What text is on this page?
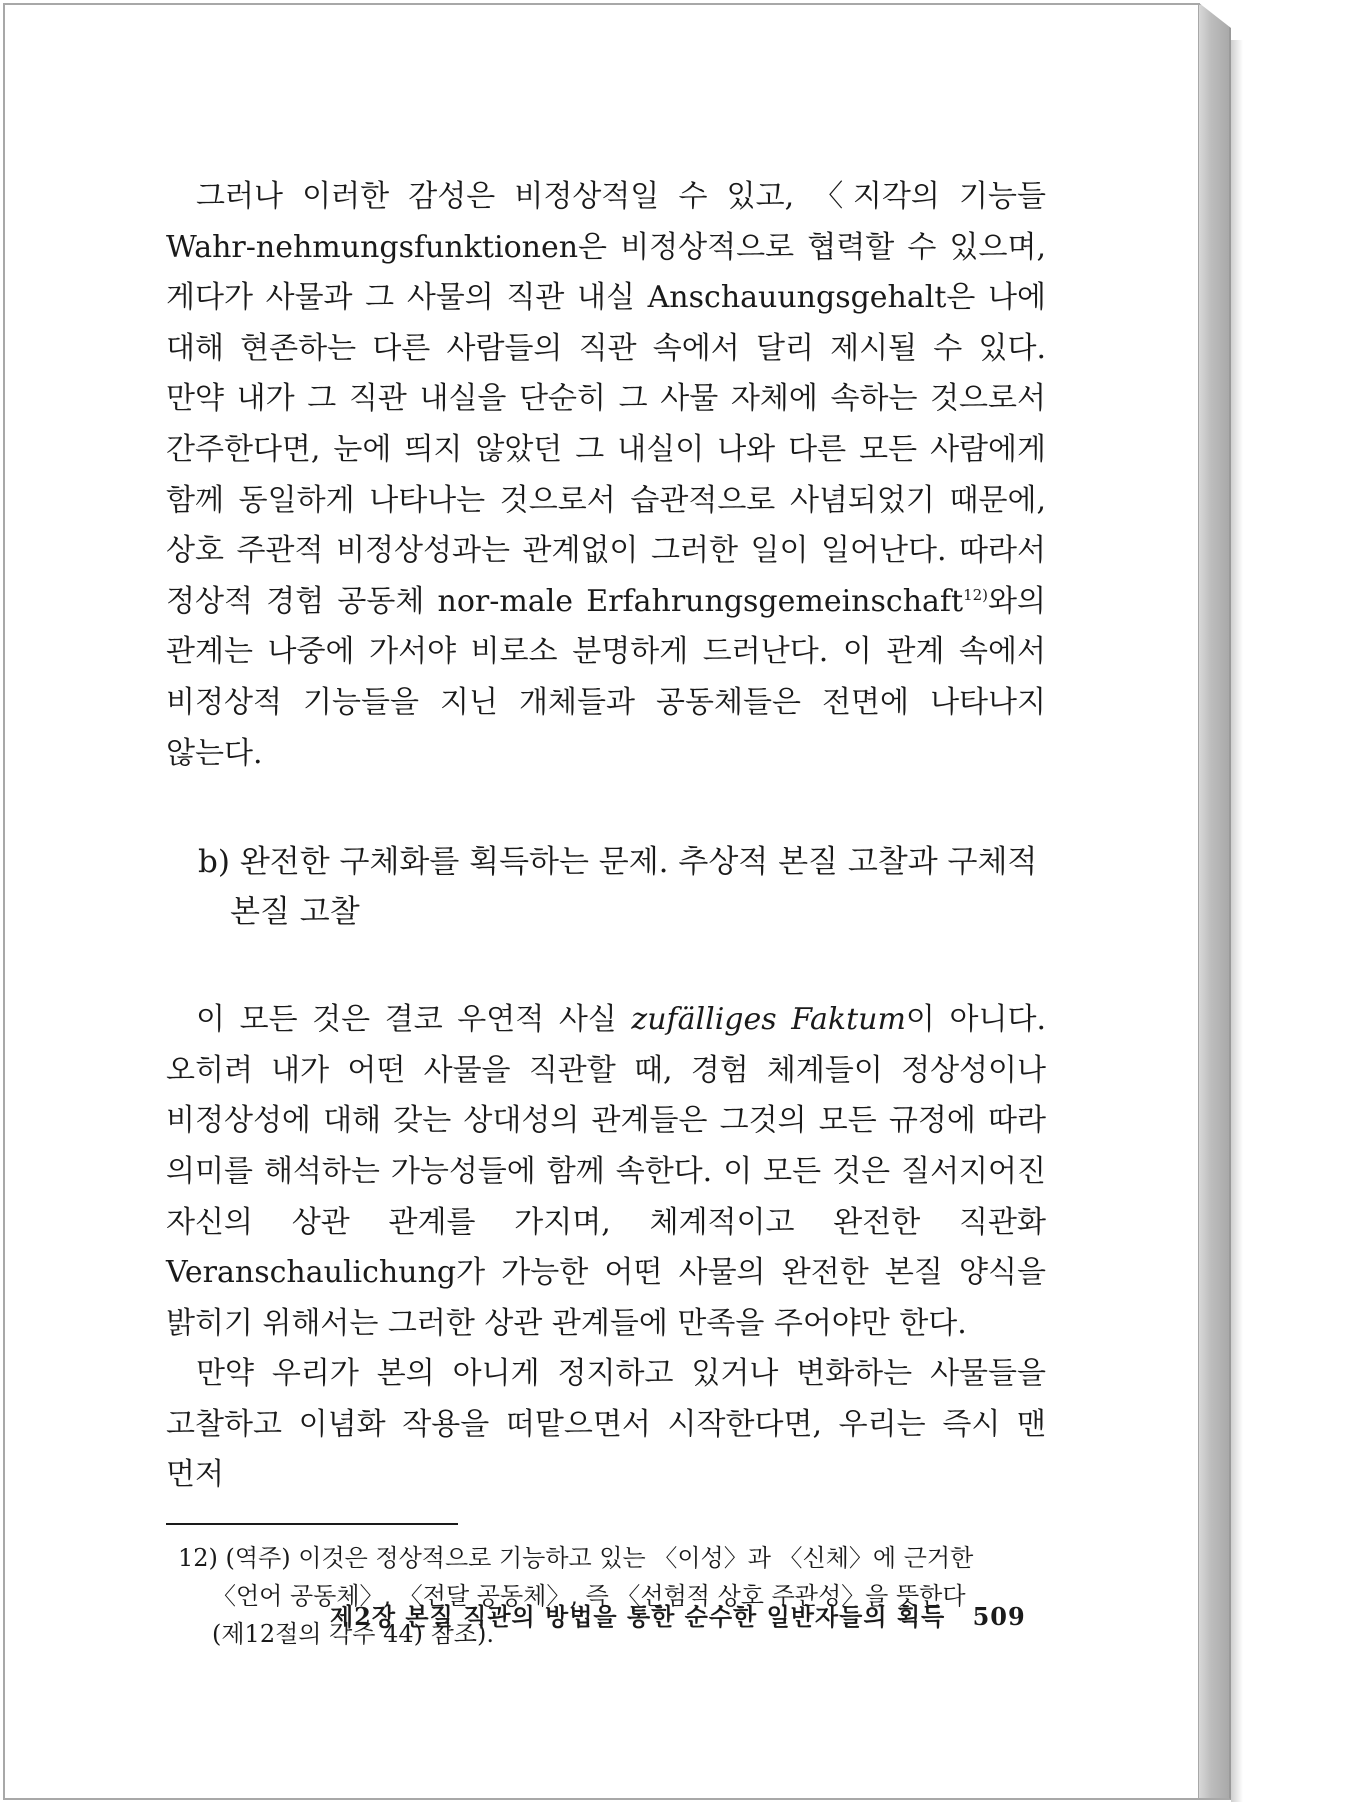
그러나 이러한 감성은 비정상적일 수 있고, 〈지각의 기능들 Wahr-nehmungsfunktionen은 비정상적으로 협력할 수 있으며, 게다가 사물과 그 사물의 직관 내실 Anschauungsgehalt은 나에 대해 현존하는 다른 사람들의 직관 속에서 달리 제시될 수 있다. 만약 내가 그 직관 내실을 단순히 그 사물 자체에 속하는 것으로서 간주한다면, 눈에 띄지 않았던 그 내실이 나와 다른 모든 사람에게 함께 동일하게 나타나는 것으로서 습관적으로 사념되었기 때문에, 상호 주관적 비정상성과는 관계없이 그러한 일이 일어난다. 따라서 정상적 경험 공동체 nor-male Erfahrungsgemeinschaft$^{12)}$와의 관계는 나중에 가서야 비로소 분명하게 드러난다. 이 관계 속에서 비정상적 기능들을 지닌 개체들과 공동체들은 전면에 나타나지 않는다.

b) 완전한 구체화를 획득하는 문제. 추상적 본질 고찰과 구체적
본질 고찰

이 모든 것은 결코 우연적 사실 zufälliges Faktum이 아니다. 오히려 내가 어떤 사물을 직관할 때, 경험 체계들이 정상성이나 비정상성에 대해 갖는 상대성의 관계들은 그것의 모든 규정에 따라 의미를 해석하는 가능성들에 함께 속한다. 이 모든 것은 질서지어진 자신의 상관 관계를 가지며, 체계적이고 완전한 직관화 Veranschaulichung가 가능한 어떤 사물의 완전한 본질 양식을 밝히기 위해서는 그러한 상관 관계들에 만족을 주어야만 한다.

만약 우리가 본의 아니게 정지하고 있거나 변화하는 사물들을 고찰하고 이념화 작용을 떠맡으면서 시작한다면, 우리는 즉시 맨 먼저

12) (역주) 이것은 정상적으로 기능하고 있는 〈이성〉과 〈신체〉에 근거한 〈언어 공동체〉, 〈전달 공동체〉, 즉 〈선험적 상호 주관성〉을 뜻한다(제12절의 각주 44) 참조).

제2장 본질 직관의 방법을 통한 순수한 일반자들의 획득 509
